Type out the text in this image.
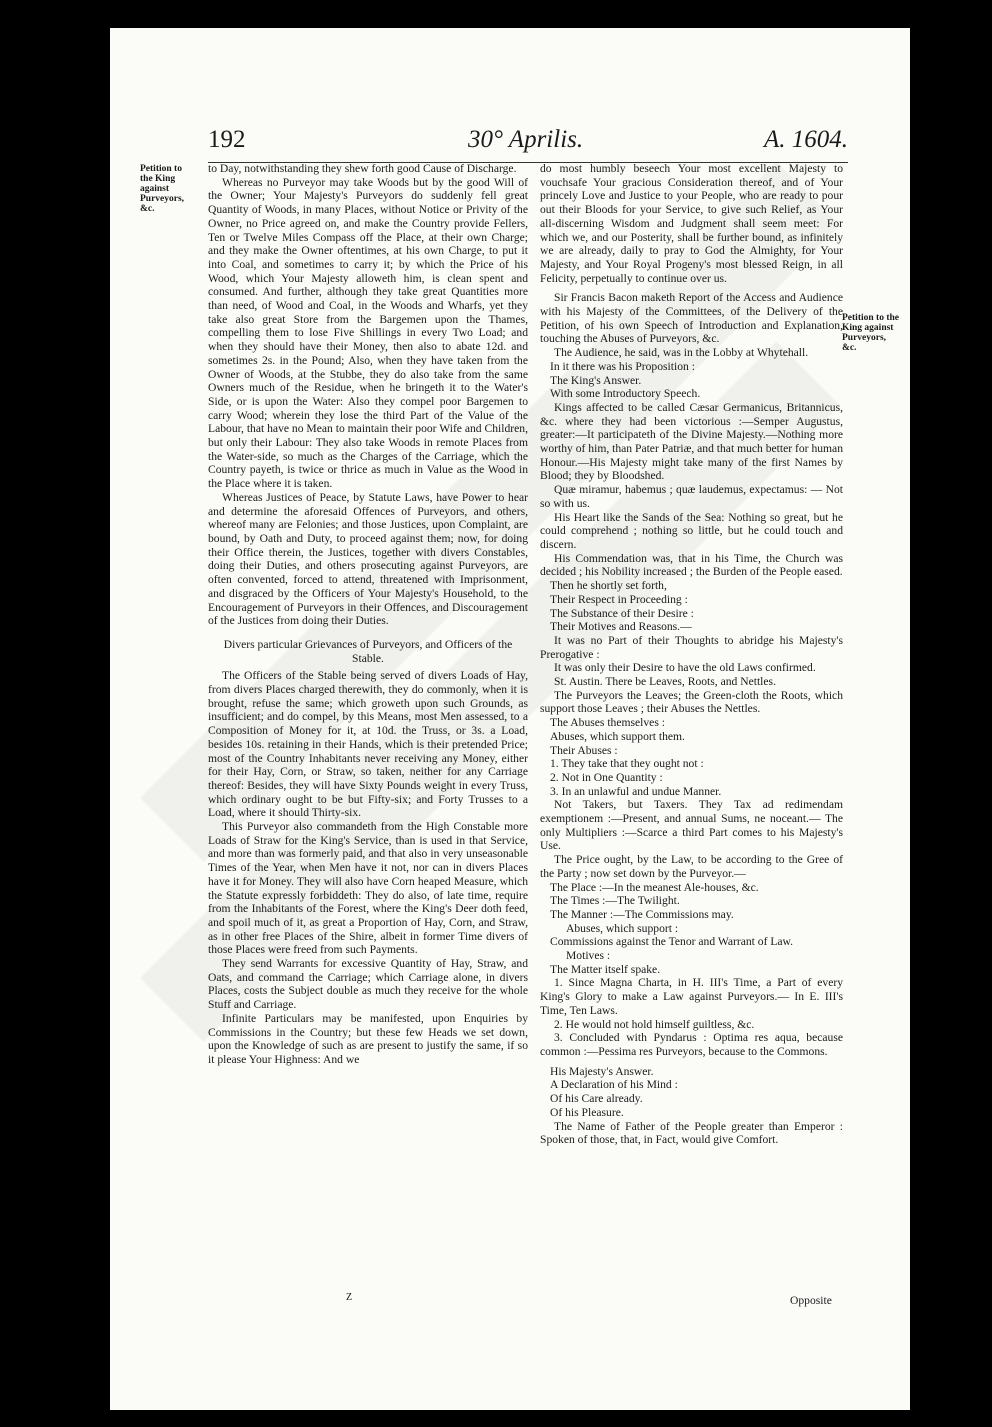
192	30° Aprilis.	A. 1604.
Petition to the King against Purveyors, &c.
Petition to the King against Purveyors, &c.

to Day, notwithstanding they shew forth good Cause of Discharge.

Whereas no Purveyor may take Woods but by the good Will of the Owner; Your Majesty's Purveyors do suddenly fell great Quantity of Woods, in many Places, without Notice or Privity of the Owner, no Price agreed on, and make the Country provide Fellers, Ten or Twelve Miles Compass off the Place, at their own Charge; and they make the Owner oftentimes, at his own Charge, to put it into Coal, and sometimes to carry it; by which the Price of his Wood, which Your Majesty alloweth him, is clean spent and consumed. And further, although they take great Quantities more than need, of Wood and Coal, in the Woods and Wharfs, yet they take also great Store from the Bargemen upon the Thames, compelling them to lose Five Shillings in every Two Load; and when they should have their Money, then also to abate 12d. and sometimes 2s. in the Pound; Also, when they have taken from the Owner of Woods, at the Stubbe, they do also take from the same Owners much of the Residue, when he bringeth it to the Water's Side, or is upon the Water: Also they compel poor Bargemen to carry Wood; wherein they lose the third Part of the Value of the Labour, that have no Mean to maintain their poor Wife and Children, but only their Labour: They also take Woods in remote Places from the Water-side, so much as the Charges of the Carriage, which the Country payeth, is twice or thrice as much in Value as the Wood in the Place where it is taken.

Whereas Justices of Peace, by Statute Laws, have Power to hear and determine the aforesaid Offences of Purveyors, and others, whereof many are Felonies; and those Justices, upon Complaint, are bound, by Oath and Duty, to proceed against them; now, for doing their Office therein, the Justices, together with divers Constables, doing their Duties, and others prosecuting against Purveyors, are often convented, forced to attend, threatened with Imprisonment, and disgraced by the Officers of Your Majesty's Household, to the Encouragement of Purveyors in their Offences, and Discouragement of the Justices from doing their Duties.

Divers particular Grievances of Purveyors, and Officers of the Stable.

The Officers of the Stable being served of divers Loads of Hay, from divers Places charged therewith, they do commonly, when it is brought, refuse the same; which groweth upon such Grounds, as insufficient; and do compel, by this Means, most Men assessed, to a Composition of Money for it, at 10d. the Truss, or 3s. a Load, besides 10s. retaining in their Hands, which is their pretended Price; most of the Country Inhabitants never receiving any Money, either for their Hay, Corn, or Straw, so taken, neither for any Carriage thereof: Besides, they will have Sixty Pounds weight in every Truss, which ordinary ought to be but Fifty-six; and Forty Trusses to a Load, where it should Thirty-six.

This Purveyor also commandeth from the High Constable more Loads of Straw for the King's Service, than is used in that Service, and more than was formerly paid, and that also in very unseasonable Times of the Year, when Men have it not, nor can in divers Places have it for Money. They will also have Corn heaped Measure, which the Statute expressly forbiddeth: They do also, of late time, require from the Inhabitants of the Forest, where the King's Deer doth feed, and spoil much of it, as great a Proportion of Hay, Corn, and Straw, as in other free Places of the Shire, albeit in former Time divers of those Places were freed from such Payments.

They send Warrants for excessive Quantity of Hay, Straw, and Oats, and command the Carriage; which Carriage alone, in divers Places, costs the Subject double as much they receive for the whole Stuff and Carriage.

Infinite Particulars may be manifested, upon Enquiries by Commissions in the Country; but these few Heads we set down, upon the Knowledge of such as are present to justify the same, if so it please Your Highness: And we

do most humbly beseech Your most excellent Majesty to vouchsafe Your gracious Consideration thereof, and of Your princely Love and Justice to your People, who are ready to pour out their Bloods for your Service, to give such Relief, as Your all-discerning Wisdom and Judgment shall seem meet: For which we, and our Posterity, shall be further bound, as infinitely we are already, daily to pray to God the Almighty, for Your Majesty, and Your Royal Progeny's most blessed Reign, in all Felicity, perpetually to continue over us.

Sir Francis Bacon maketh Report of the Access and Audience with his Majesty of the Committees, of the Delivery of the Petition, of his own Speech of Introduction and Explanation, touching the Abuses of Purveyors, &c.

The Audience, he said, was in the Lobby at Whytehall.

In it there was his Proposition :

The King's Answer.

With some Introductory Speech.

Kings affected to be called Cæsar Germanicus, Britannicus, &c. where they had been victorious :—Semper Augustus, greater:—It participateth of the Divine Majesty.—Nothing more worthy of him, than Pater Patriæ, and that much better for human Honour.—His Majesty might take many of the first Names by Blood; they by Bloodshed.

Quæ miramur, habemus ; quæ laudemus, expectamus: — Not so with us.

His Heart like the Sands of the Sea: Nothing so great, but he could comprehend ; nothing so little, but he could touch and discern.

His Commendation was, that in his Time, the Church was decided ; his Nobility increased ; the Burden of the People eased.

Then he shortly set forth,

Their Respect in Proceeding :

The Substance of their Desire :

Their Motives and Reasons.—

It was no Part of their Thoughts to abridge his Majesty's Prerogative :

It was only their Desire to have the old Laws confirmed.

St. Austin. There be Leaves, Roots, and Nettles.

The Purveyors the Leaves; the Green-cloth the Roots, which support those Leaves ; their Abuses the Nettles.

The Abuses themselves :

Abuses, which support them.

Their Abuses :

1. They take that they ought not :

2. Not in One Quantity :

3. In an unlawful and undue Manner.

Not Takers, but Taxers. They Tax ad redimendam exemptionem :—Present, and annual Sums, ne noceant.— The only Multipliers :—Scarce a third Part comes to his Majesty's Use.

The Price ought, by the Law, to be according to the Gree of the Party ; now set down by the Purveyor.—

The Place :—In the meanest Ale-houses, &c.

The Times :—The Twilight.

The Manner :—The Commissions may.

Abuses, which support :

Commissions against the Tenor and Warrant of Law.

Motives :

The Matter itself spake.

1. Since Magna Charta, in H. III's Time, a Part of every King's Glory to make a Law against Purveyors.— In E. III's Time, Ten Laws.

2. He would not hold himself guiltless, &c.

3. Concluded with Pyndarus : Optima res aqua, because common :—Pessima res Purveyors, because to the Commons.

His Majesty's Answer.

A Declaration of his Mind :

Of his Care already.

Of his Pleasure.

The Name of Father of the People greater than Emperor : Spoken of those, that, in Fact, would give Comfort.

Z	Opposite
